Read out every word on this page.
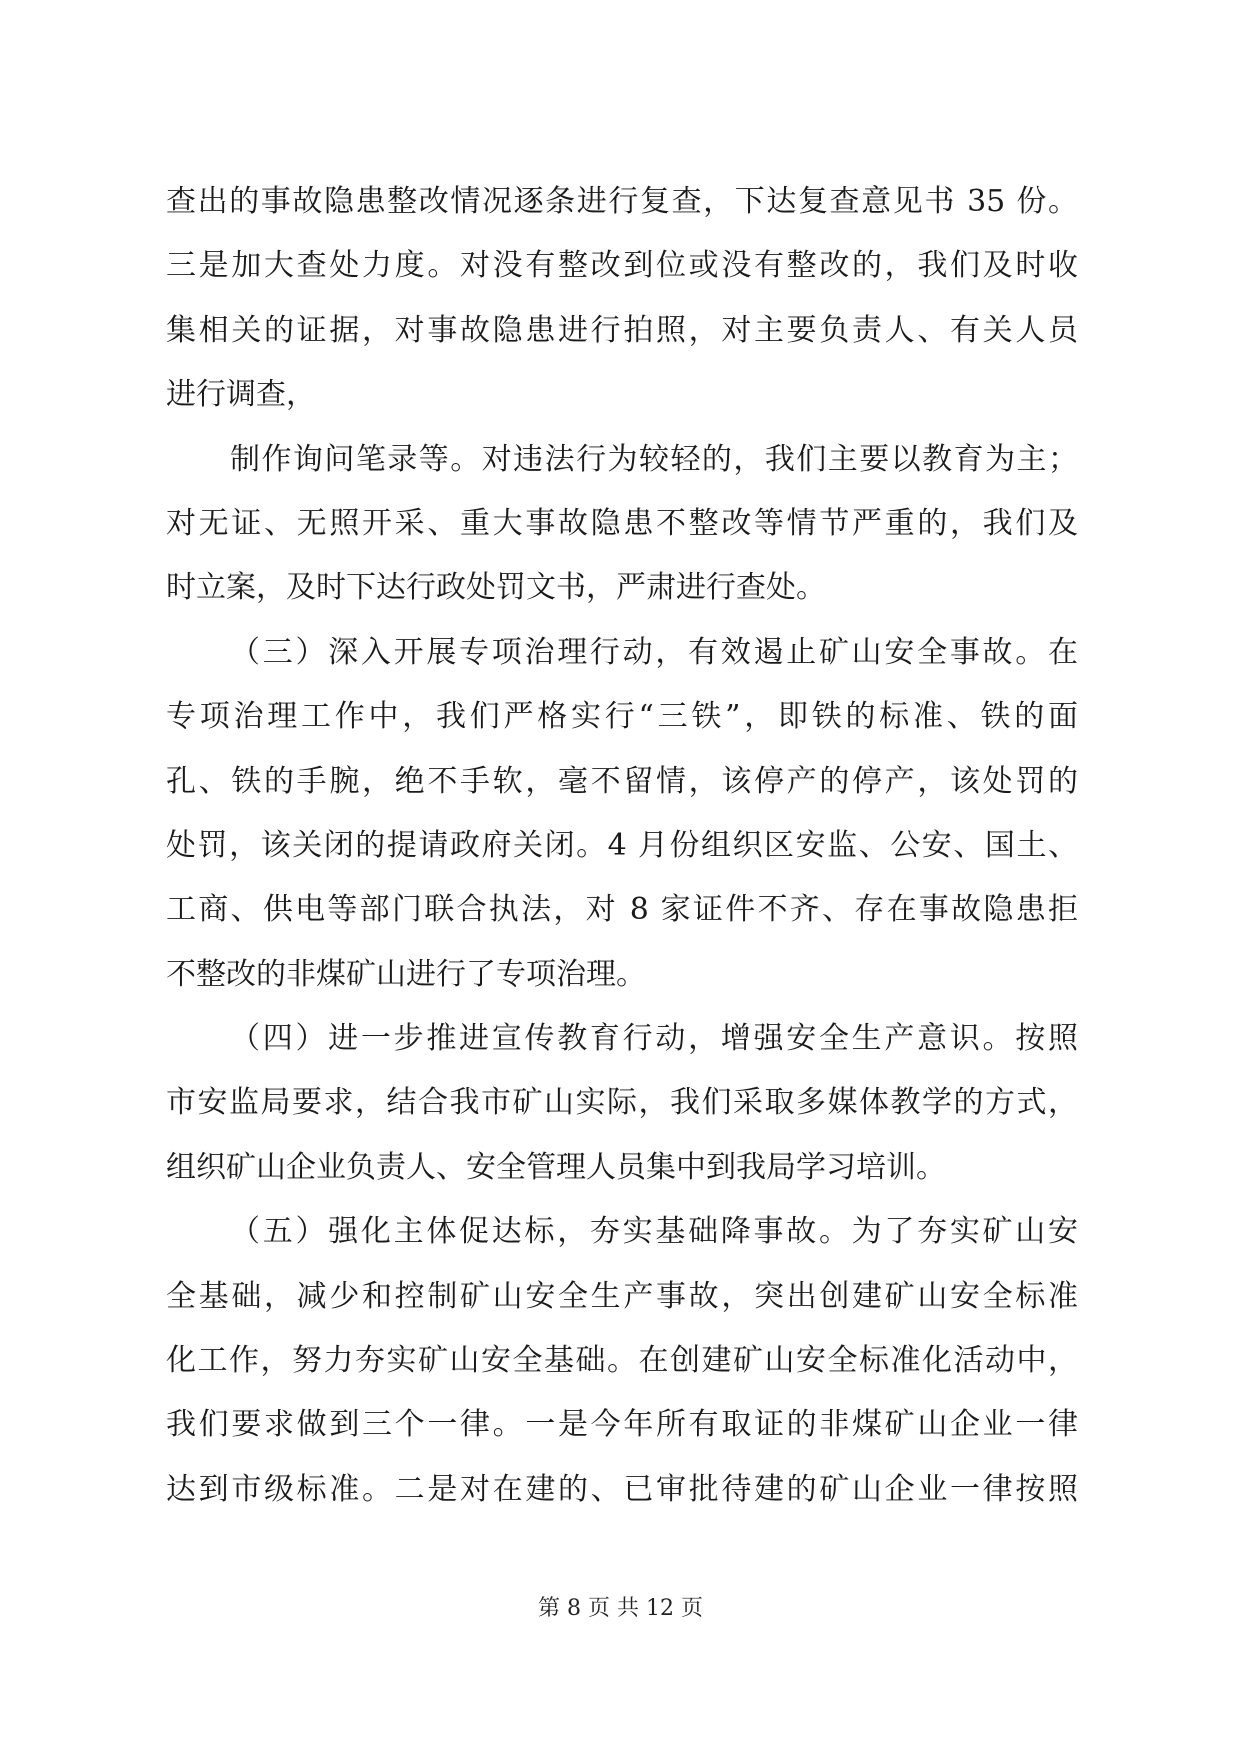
查出的事故隐患整改情况逐条进行复查，下达复查意见书 35 份。
三是加大查处力度。对没有整改到位或没有整改的，我们及时收
集相关的证据，对事故隐患进行拍照，对主要负责人、有关人员
进行调查，
制作询问笔录等。对违法行为较轻的，我们主要以教育为主；
对无证、无照开采、重大事故隐患不整改等情节严重的，我们及
时立案，及时下达行政处罚文书，严肃进行查处。
（三）深入开展专项治理行动，有效遏止矿山安全事故。在
专项治理工作中，我们严格实行“三铁”，即铁的标准、铁的面
孔、铁的手腕，绝不手软，毫不留情，该停产的停产，该处罚的
处罚，该关闭的提请政府关闭。4 月份组织区安监、公安、国土、
工商、供电等部门联合执法，对 8 家证件不齐、存在事故隐患拒
不整改的非煤矿山进行了专项治理。
（四）进一步推进宣传教育行动，增强安全生产意识。按照
市安监局要求，结合我市矿山实际，我们采取多媒体教学的方式，
组织矿山企业负责人、安全管理人员集中到我局学习培训。
（五）强化主体促达标，夯实基础降事故。为了夯实矿山安
全基础，减少和控制矿山安全生产事故，突出创建矿山安全标准
化工作，努力夯实矿山安全基础。在创建矿山安全标准化活动中，
我们要求做到三个一律。一是今年所有取证的非煤矿山企业一律
达到市级标准。二是对在建的、已审批待建的矿山企业一律按照
第 8 页 共 12 页
